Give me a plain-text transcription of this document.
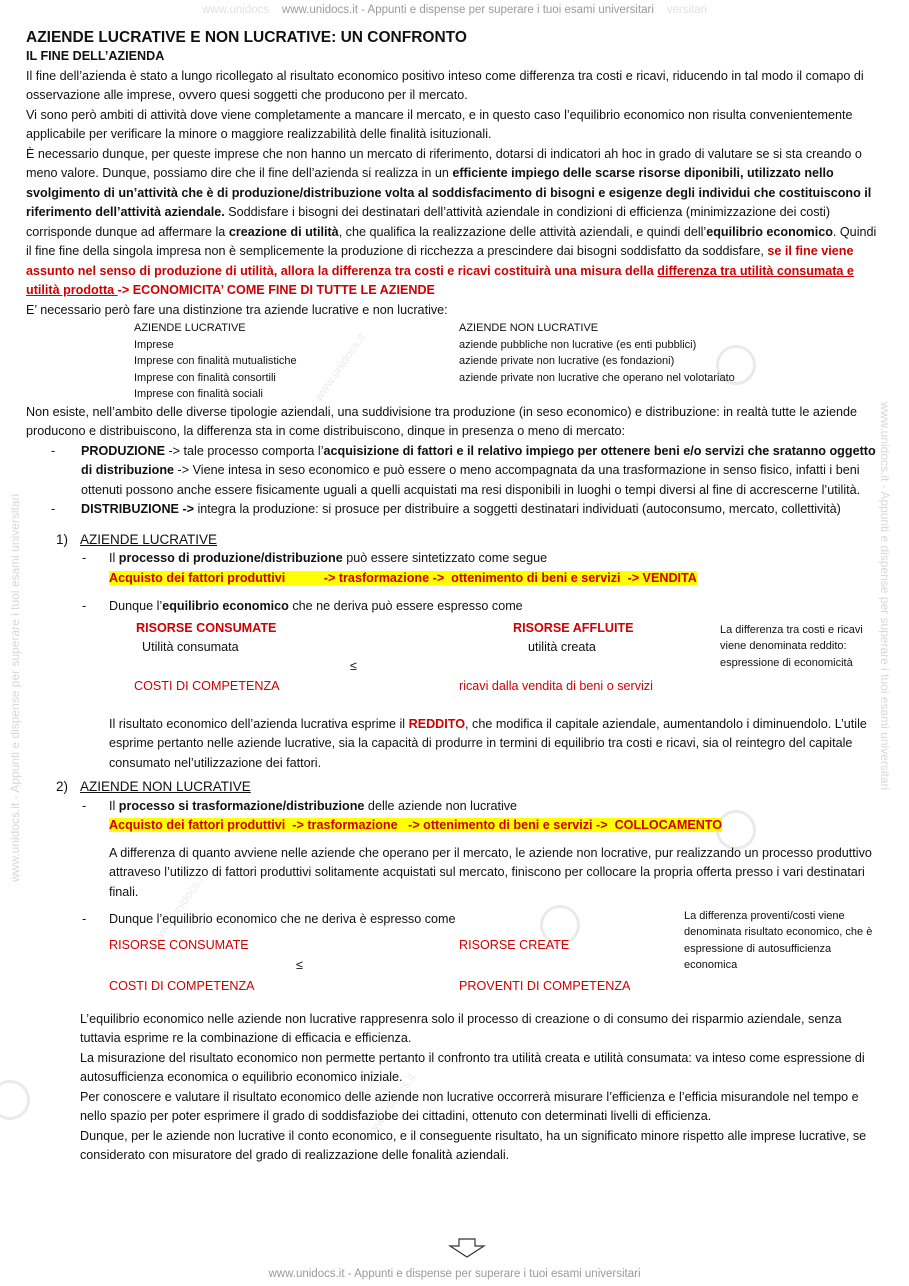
www.unidocs www.unidocs.it - Appunti e dispense per superare i tuoi esami universitari versitari
www.unidocs.it - Appunti e dispense per superare i tuoi esami universitari
www.unidocs.it - Appunti e dispense per superare i tuoi esami universitari	www.unidocs.it - Appunti e dispense per superare i tuoi esami universitari
www.unidocs.it
www.unidocs.it
www.unidocs.it
AZIENDE LUCRATIVE E NON LUCRATIVE: UN CONFRONTO
IL FINE DELL’AZIENDA

Il fine dell’azienda è stato a lungo ricollegato al risultato economico positivo inteso come differenza tra costi e ricavi, riducendo in tal modo il comapo di osservazione alle imprese, ovvero quesi soggetti che producono per il mercato.

Vi sono però ambiti di attività dove viene completamente a mancare il mercato, e in questo caso l’equilibrio economico non risulta convenientemente applicabile per verificare la minore o maggiore realizzabilità delle finalità isituzionali.

È necessario dunque, per queste imprese che non hanno un mercato di riferimento, dotarsi di indicatori ah hoc in grado di valutare se si sta creando o meno valore. Dunque, possiamo dire che il fine dell’azienda si realizza in un efficiente impiego delle scarse risorse diponibili, utilizzato nello svolgimento di un’attività che è di produzione/distribuzione volta al soddisfacimento di bisogni e esigenze degli individui che costituiscono il riferimento dell’attività aziendale. Soddisfare i bisogni dei destinatari dell’attività aziendale in condizioni di efficienza (minimizzazione dei costi) corrisponde dunque ad affermare la creazione di utilità, che qualifica la realizzazione delle attività aziendali, e quindi dell’equilibrio economico. Quindi il fine fine della singola impresa non è semplicemente la produzione di ricchezza a prescindere dai bisogni soddisfatto da soddisfare, se il fine viene assunto nel senso di produzione di utilità, allora la differenza tra costi e ricavi costituirà una misura della differenza tra utilità consumata e utilità prodotta -> ECONOMICITA’ COME FINE DI TUTTE LE AZIENDE

E’ necessario però fare una distinzione tra aziende lucrative e non lucrative:

AZIENDE LUCRATIVE
Imprese
Imprese con finalità mutualistiche
Imprese con finalità consortili
Imprese con finalità sociali
AZIENDE NON LUCRATIVE
aziende pubbliche non lucrative (es enti pubblici)
aziende private non lucrative (es fondazioni)
aziende private non lucrative che operano nel volotariato

Non esiste, nell’ambito delle diverse tipologie aziendali, una suddivisione tra produzione (in seso economico) e distribuzione: in realtà tutte le aziende producono e distribuiscono, la differenza sta in come distribuiscono, dinque in presenza o meno di mercato:

- PRODUZIONE -> tale processo comporta l’acquisizione di fattori e il relativo impiego per ottenere beni e/o servizi che sratanno oggetto di distribuzione -> Viene intesa in seso economico e può essere o meno accompagnata da una trasformazione in senso fisico, infatti i beni ottenuti possono anche essere fisicamente uguali a quelli acquistati ma resi disponibili in luoghi o tempi diversi al fine di accrescerne l’utilità.

- DISTRIBUZIONE -> integra la produzione: si prosuce per distribuire a soggetti destinatari individuati (autoconsumo, mercato, collettività)

1) AZIENDE LUCRATIVE
- Il processo di produzione/distribuzione può essere sintetizzato come segue
Acquisto dei fattori produttivi           -> trasformazione ->  ottenimento di beni e servizi  -> VENDITA
- Dunque l’equilibrio economico che ne deriva può essere espresso come
RISORSE CONSUMATE
Utilità consumata
≤
COSTI DI COMPETENZA
RISORSE AFFLUITE
utilità creata
ricavi dalla vendita di beni o servizi
La differenza tra costi e ricavi viene denominata reddito: espressione di economicità

Il risultato economico dell’azienda lucrativa esprime il REDDITO, che modifica il capitale aziendale, aumentandolo i diminuendolo. L’utile esprime pertanto nelle aziende lucrative, sia la capacità di produrre in termini di equilibrio tra costi e ricavi, sia ol reintegro del capitale consumato nel’utilizzazione dei fattori.

2) AZIENDE NON LUCRATIVE
- Il processo si trasformazione/distribuzione delle aziende non lucrative
Acquisto dei fattori produttivi  -> trasformazione   -> ottenimento di beni e servizi ->  COLLOCAMENTO

A differenza di quanto avviene nelle aziende che operano per il mercato, le aziende non locrative, pur realizzando un processo produttivo attraveso l’utilizzo di fattori produttivi solitamente acquistati sul mercato, finiscono per collocare la propria offerta presso i vari destinatari finali.

- Dunque l’equilibrio economico che ne deriva è espresso come
RISORSE CONSUMATE
≤
COSTI DI COMPETENZA
RISORSE CREATE
PROVENTI DI COMPETENZA
La differenza proventi/costi viene denominata risultato economico, che è espressione di autosufficienza economica

L’equilibrio economico nelle aziende non lucrative rappresenra solo il processo di creazione o di consumo dei risparmio aziendale, senza tuttavia esprime re la combinazione di efficacia e efficienza.

La misurazione del risultato economico non permette pertanto il confronto tra utilità creata e utilità consumata: va inteso come espressione di autosufficienza economica o equilibrio economico iniziale.

Per conoscere e valutare il risultato economico delle aziende non lucrative occorrerà misurare l’efficienza e l’efficia misurandole nel tempo e nello spazio per poter esprimere il grado di soddisfaziobe dei cittadini, ottenuto con determinati livelli di efficienza.

Dunque, per le aziende non lucrative il conto economico, e il conseguente risultato, ha un significato minore rispetto alle imprese lucrative, se considerato con misuratore del grado di realizzazione delle fonalità aziendali.
